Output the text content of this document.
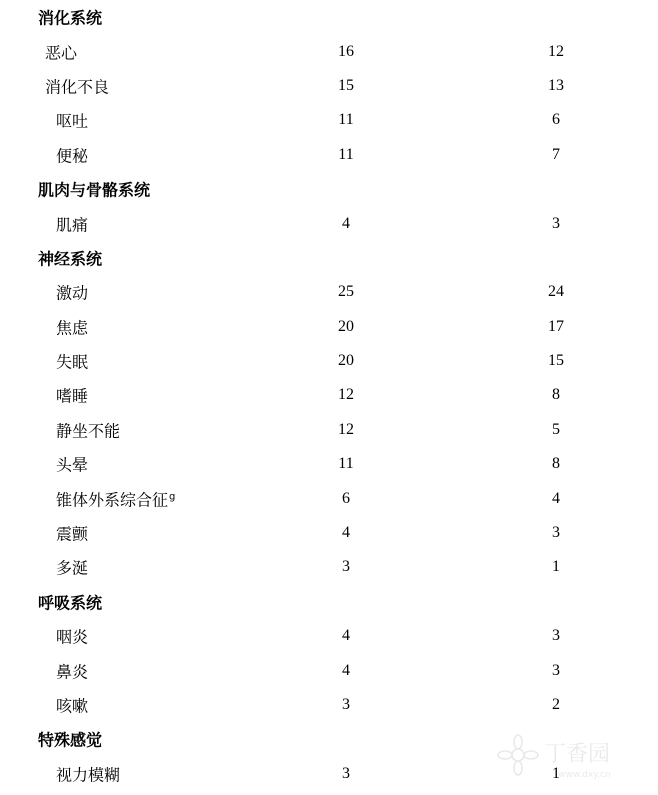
消化系统
恶心	16	12
消化不良	15	13
呕吐	11	6
便秘	11	7
肌肉与骨骼系统
肌痛	4	3
神经系统
激动	25	24
焦虑	20	17
失眠	20	15
嗜睡	12	8
静坐不能	12	5
头晕	11	8
锥体外系综合征$^g$	6	4
震颤	4	3
多涎	3	1
呼吸系统
咽炎	4	3
鼻炎	4	3
咳嗽	3	2
特殊感觉
视力模糊	3	1
丁香园
www.dxy.cn
